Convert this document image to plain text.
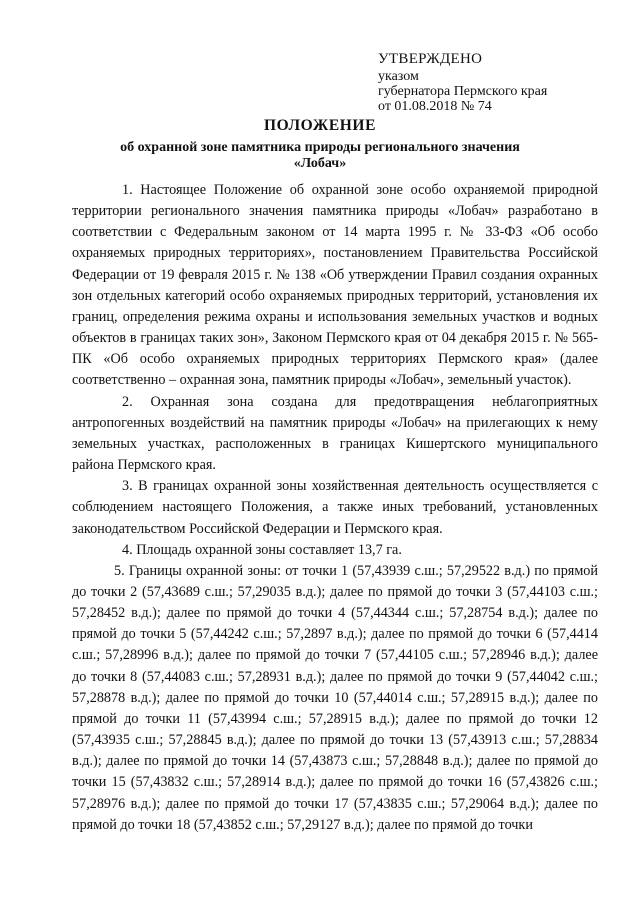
УТВЕРЖДЕНО
указом
губернатора Пермского края
от 01.08.2018 № 74
ПОЛОЖЕНИЕ
об охранной зоне памятника природы регионального значения
«Лобач»

1. Настоящее Положение об охранной зоне особо охраняемой природной территории регионального значения памятника природы «Лобач» разработано в соответствии с Федеральным законом от 14 марта 1995 г. № 33-ФЗ «Об особо охраняемых природных территориях», постановлением Правительства Российской Федерации от 19 февраля 2015 г. № 138 «Об утверждении Правил создания охранных зон отдельных категорий особо охраняемых природных территорий, установления их границ, определения режима охраны и использования земельных участков и водных объектов в границах таких зон», Законом Пермского края от 04 декабря 2015 г. № 565-ПК «Об особо охраняемых природных территориях Пермского края» (далее соответственно – охранная зона, памятник природы «Лобач», земельный участок).

2. Охранная зона создана для предотвращения неблагоприятных антропогенных воздействий на памятник природы «Лобач» на прилегающих к нему земельных участках, расположенных в границах Кишертского муниципального района Пермского края.

3. В границах охранной зоны хозяйственная деятельность осуществляется с соблюдением настоящего Положения, а также иных требований, установленных законодательством Российской Федерации и Пермского края.

4. Площадь охранной зоны составляет 13,7 га.

5. Границы охранной зоны: от точки 1 (57,43939 с.ш.; 57,29522 в.д.) по прямой до точки 2 (57,43689 с.ш.; 57,29035 в.д.); далее по прямой до точки 3 (57,44103 с.ш.; 57,28452 в.д.); далее по прямой до точки 4 (57,44344 с.ш.; 57,28754 в.д.); далее по прямой до точки 5 (57,44242 с.ш.; 57,2897 в.д.); далее по прямой до точки 6 (57,4414 с.ш.; 57,28996 в.д.); далее по прямой до точки 7 (57,44105 с.ш.; 57,28946 в.д.); далее до точки 8 (57,44083 с.ш.; 57,28931 в.д.); далее по прямой до точки 9 (57,44042 с.ш.; 57,28878 в.д.); далее по прямой до точки 10 (57,44014 с.ш.; 57,28915 в.д.); далее по прямой до точки 11 (57,43994 с.ш.; 57,28915 в.д.); далее по прямой до точки 12 (57,43935 с.ш.; 57,28845 в.д.); далее по прямой до точки 13 (57,43913 с.ш.; 57,28834 в.д.); далее по прямой до точки 14 (57,43873 с.ш.; 57,28848 в.д.); далее по прямой до точки 15 (57,43832 с.ш.; 57,28914 в.д.); далее по прямой до точки 16 (57,43826 с.ш.; 57,28976 в.д.); далее по прямой до точки 17 (57,43835 с.ш.; 57,29064 в.д.); далее по прямой до точки 18 (57,43852 с.ш.; 57,29127 в.д.); далее по прямой до точки
